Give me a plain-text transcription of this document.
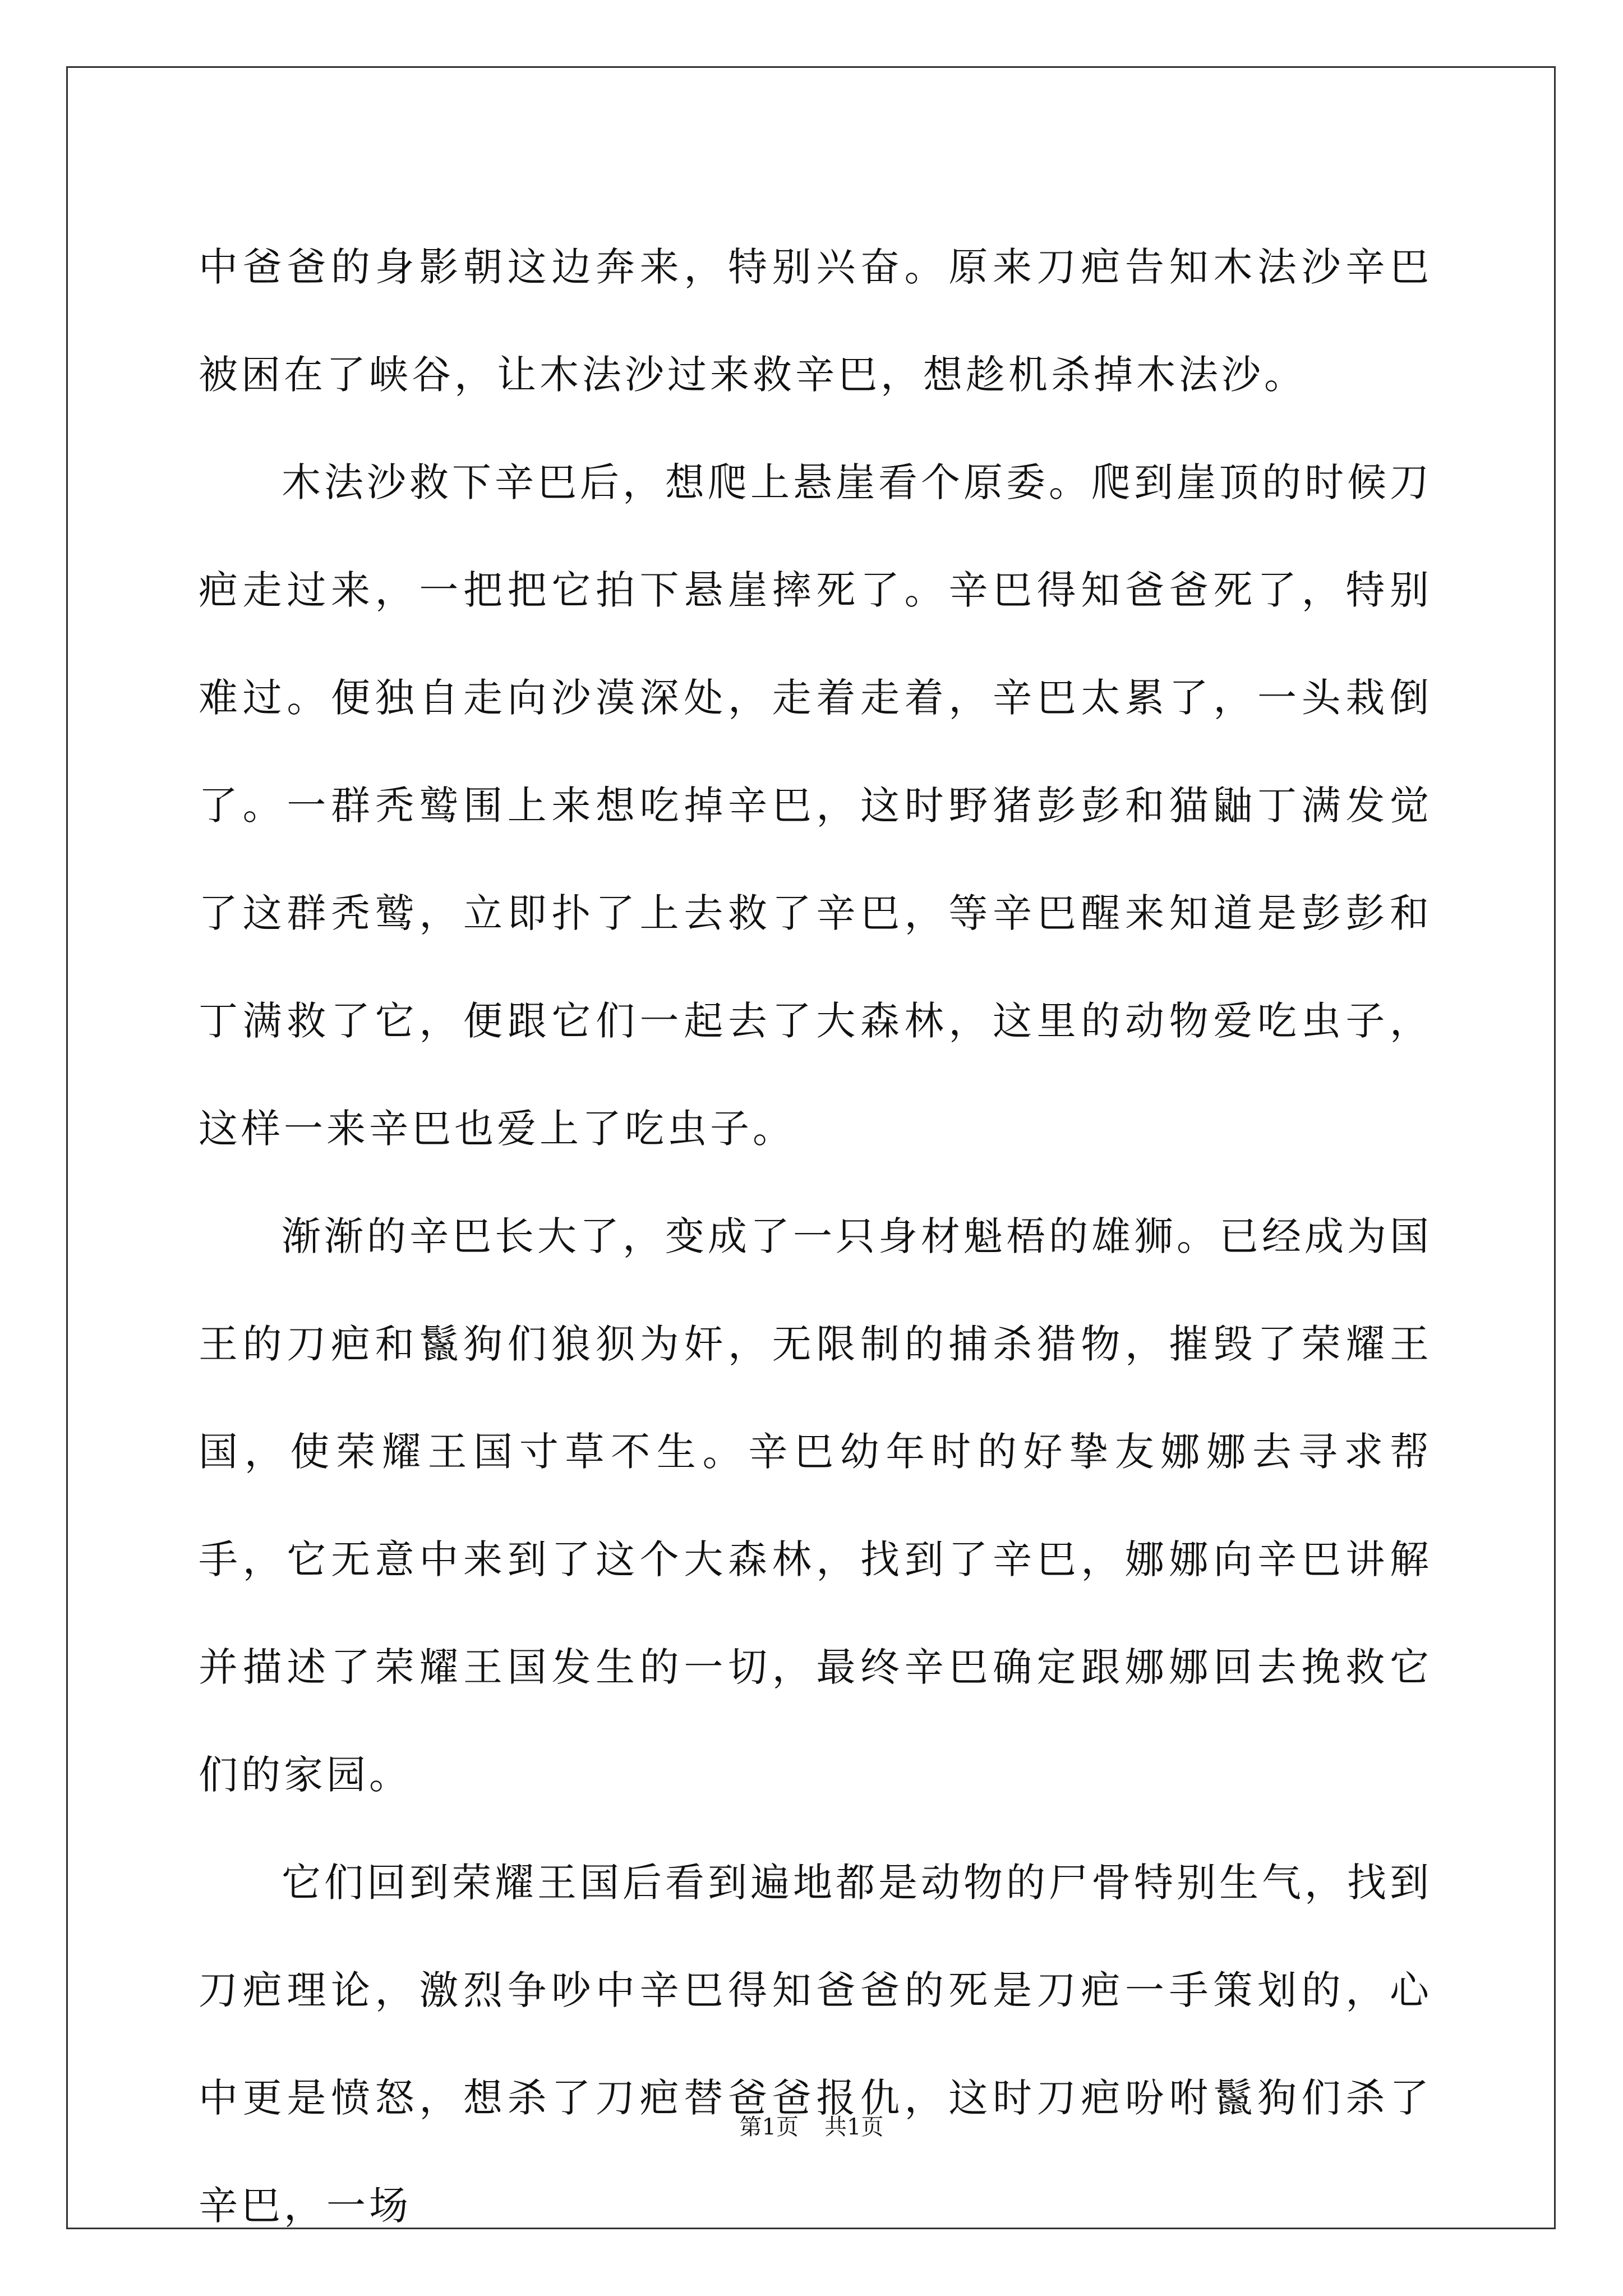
中爸爸的身影朝这边奔来，特别兴奋。原来刀疤告知木法沙辛巴被困在了峡谷，让木法沙过来救辛巴，想趁机杀掉木法沙。

木法沙救下辛巴后，想爬上悬崖看个原委。爬到崖顶的时候刀疤走过来，一把把它拍下悬崖摔死了。辛巴得知爸爸死了，特别难过。便独自走向沙漠深处，走着走着，辛巴太累了，一头栽倒了。一群秃鹫围上来想吃掉辛巴，这时野猪彭彭和猫鼬丁满发觉了这群秃鹫，立即扑了上去救了辛巴，等辛巴醒来知道是彭彭和丁满救了它，便跟它们一起去了大森林，这里的动物爱吃虫子，这样一来辛巴也爱上了吃虫子。

渐渐的辛巴长大了，变成了一只身材魁梧的雄狮。已经成为国王的刀疤和鬣狗们狼狈为奸，无限制的捕杀猎物，摧毁了荣耀王国，使荣耀王国寸草不生。辛巴幼年时的好挚友娜娜去寻求帮手，它无意中来到了这个大森林，找到了辛巴，娜娜向辛巴讲解并描述了荣耀王国发生的一切，最终辛巴确定跟娜娜回去挽救它们的家园。

它们回到荣耀王国后看到遍地都是动物的尸骨特别生气，找到刀疤理论，激烈争吵中辛巴得知爸爸的死是刀疤一手策划的，心中更是愤怒，想杀了刀疤替爸爸报仇，这时刀疤吩咐鬣狗们杀了辛巴，一场

第1页 共1页
